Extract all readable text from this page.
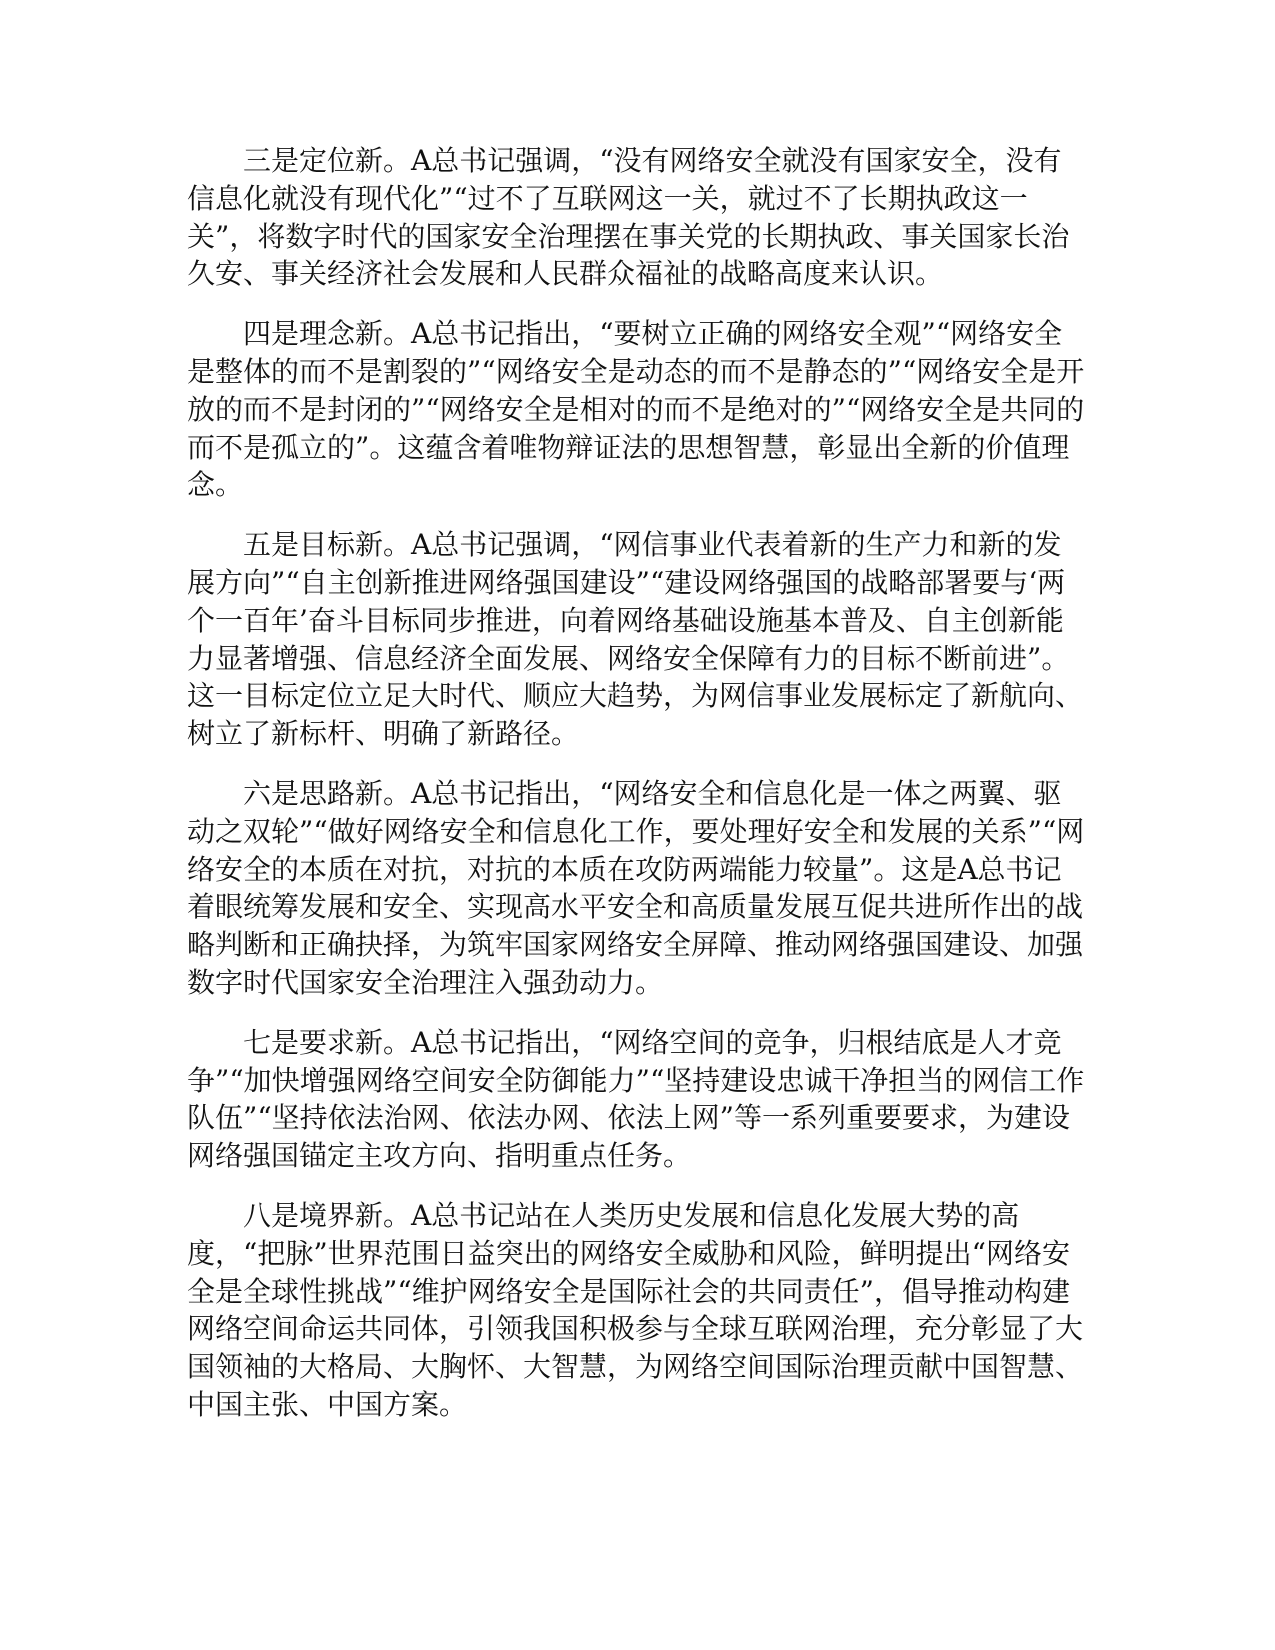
三是定位新。A总书记强调，“没有网络安全就没有国家安全，没有信息化就没有现代化”“过不了互联网这一关，就过不了长期执政这一关”，将数字时代的国家安全治理摆在事关党的长期执政、事关国家长治久安、事关经济社会发展和人民群众福祉的战略高度来认识。

四是理念新。A总书记指出，“要树立正确的网络安全观”“网络安全是整体的而不是割裂的”“网络安全是动态的而不是静态的”“网络安全是开放的而不是封闭的”“网络安全是相对的而不是绝对的”“网络安全是共同的而不是孤立的”。这蕴含着唯物辩证法的思想智慧，彰显出全新的价值理念。

五是目标新。A总书记强调，“网信事业代表着新的生产力和新的发展方向”“自主创新推进网络强国建设”“建设网络强国的战略部署要与‘两个一百年’奋斗目标同步推进，向着网络基础设施基本普及、自主创新能力显著增强、信息经济全面发展、网络安全保障有力的目标不断前进”。这一目标定位立足大时代、顺应大趋势，为网信事业发展标定了新航向、树立了新标杆、明确了新路径。

六是思路新。A总书记指出，“网络安全和信息化是一体之两翼、驱动之双轮”“做好网络安全和信息化工作，要处理好安全和发展的关系”“网络安全的本质在对抗，对抗的本质在攻防两端能力较量”。这是A总书记着眼统筹发展和安全、实现高水平安全和高质量发展互促共进所作出的战略判断和正确抉择，为筑牢国家网络安全屏障、推动网络强国建设、加强数字时代国家安全治理注入强劲动力。

七是要求新。A总书记指出，“网络空间的竞争，归根结底是人才竞争”“加快增强网络空间安全防御能力”“坚持建设忠诚干净担当的网信工作队伍”“坚持依法治网、依法办网、依法上网”等一系列重要要求，为建设网络强国锚定主攻方向、指明重点任务。

八是境界新。A总书记站在人类历史发展和信息化发展大势的高度，“把脉”世界范围日益突出的网络安全威胁和风险，鲜明提出“网络安全是全球性挑战”“维护网络安全是国际社会的共同责任”，倡导推动构建网络空间命运共同体，引领我国积极参与全球互联网治理，充分彰显了大国领袖的大格局、大胸怀、大智慧，为网络空间国际治理贡献中国智慧、中国主张、中国方案。
